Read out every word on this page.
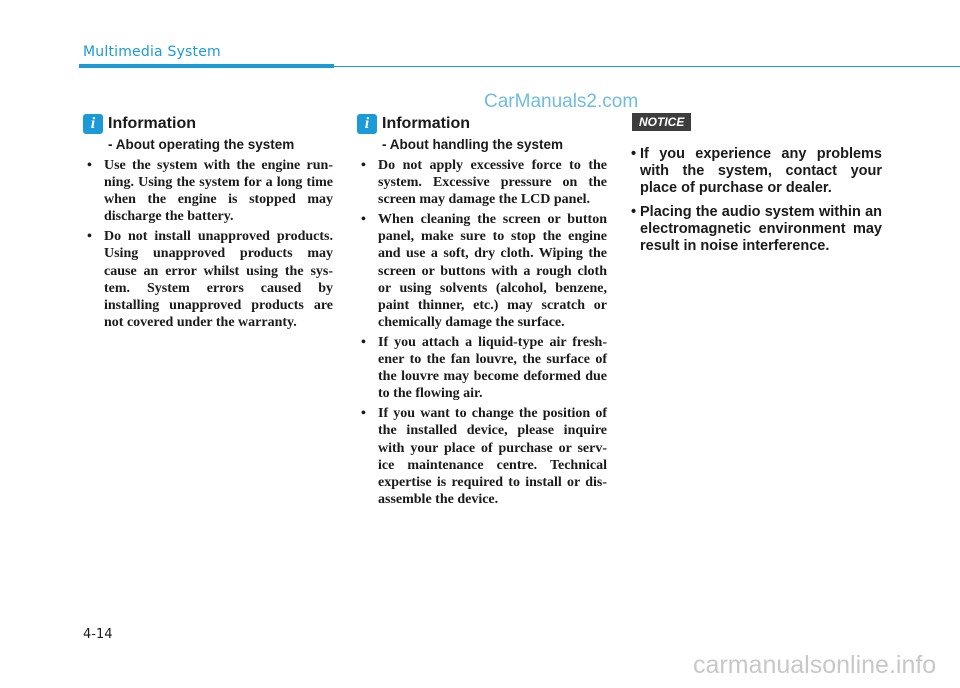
Multimedia System
CarManuals2.com
i Information
- About operating the system
• Use the system with the engine run-ning. Using the system for a long time when the engine is stopped may discharge the battery.
• Do not install unapproved products. Using unapproved products may cause an error whilst using the sys-tem. System errors caused by installing unapproved products are not covered under the warranty.
i Information
- About handling the system
• Do not apply excessive force to the system. Excessive pressure on the screen may damage the LCD panel.
• When cleaning the screen or button panel, make sure to stop the engine and use a soft, dry cloth. Wiping the screen or buttons with a rough cloth or using solvents (alcohol, benzene, paint thinner, etc.) may scratch or chemically damage the surface.
• If you attach a liquid-type air fresh-ener to the fan louvre, the surface of the louvre may become deformed due to the flowing air.
• If you want to change the position of the installed device, please inquire with your place of purchase or serv-ice maintenance centre. Technical expertise is required to install or dis-assemble the device.
NOTICE
• If you experience any problems with the system, contact your place of purchase or dealer.
• Placing the audio system within an electromagnetic environment may result in noise interference.
4-14
carmanualsonline.info
